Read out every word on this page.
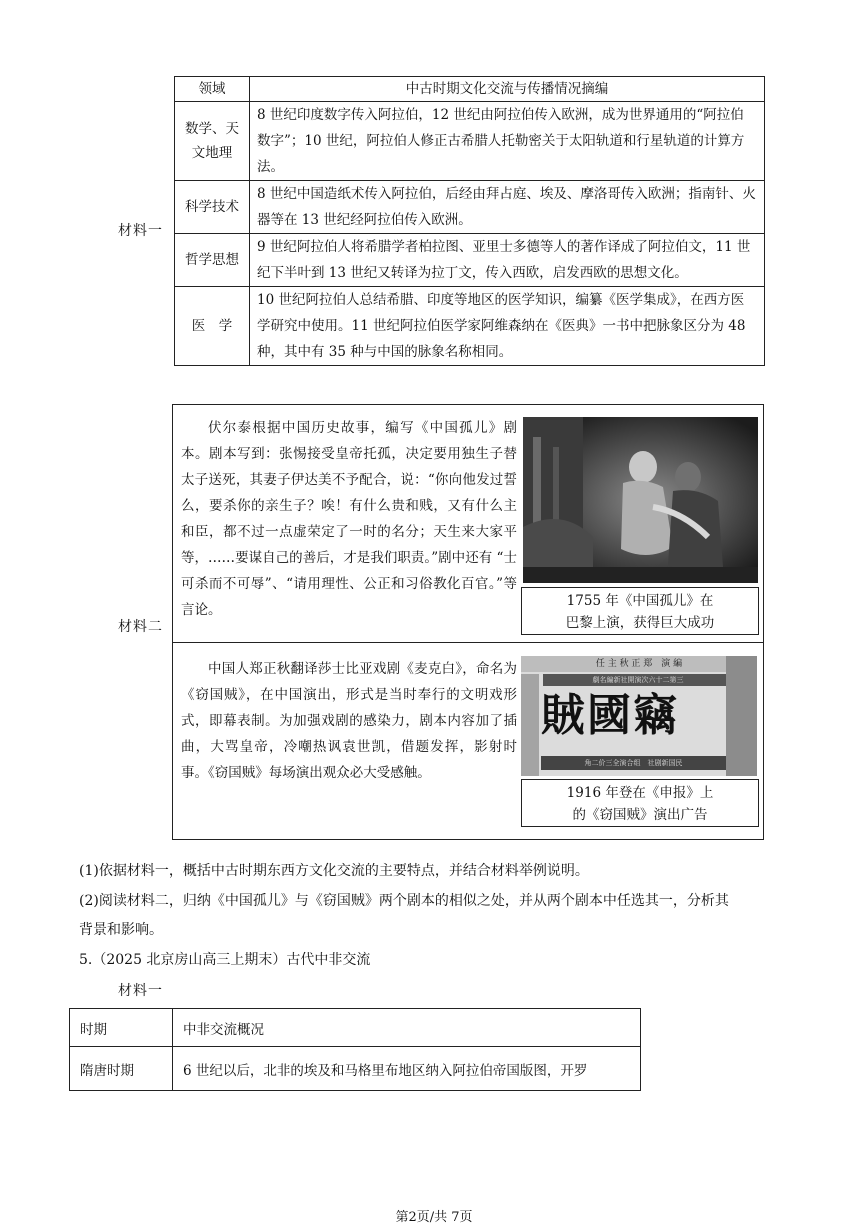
材料一
领域	中古时期文化交流与传播情况摘编
数学、天文地理	8 世纪印度数字传入阿拉伯，12 世纪由阿拉伯传入欧洲，成为世界通用的“阿拉伯数字”；10 世纪，阿拉伯人修正古希腊人托勒密关于太阳轨道和行星轨道的计算方法。
科学技术	8 世纪中国造纸术传入阿拉伯，后经由拜占庭、埃及、摩洛哥传入欧洲；指南针、火器等在 13 世纪经阿拉伯传入欧洲。
哲学思想	9 世纪阿拉伯人将希腊学者柏拉图、亚里士多德等人的著作译成了阿拉伯文，11 世纪下半叶到 13 世纪又转译为拉丁文，传入西欧，启发西欧的思想文化。
医　学	10 世纪阿拉伯人总结希腊、印度等地区的医学知识，编纂《医学集成》，在西方医学研究中使用。11 世纪阿拉伯医学家阿维森纳在《医典》一书中把脉象区分为 48 种，其中有 35 种与中国的脉象名称相同。
材料二
伏尔泰根据中国历史故事，编写《中国孤儿》剧本。剧本写到：张惕接受皇帝托孤，决定要用独生子替太子送死，其妻子伊达美不予配合，说：“你向他发过誓么，要杀你的亲生子？唉！有什么贵和贱，又有什么主和臣，都不过一点虚荣定了一时的名分；天生来大家平等，……要谋自己的善后，才是我们职责。”剧中还有 “士可杀而不可辱”、“请用理性、公正和习俗教化百官。”等言论。
1755 年《中国孤儿》在
巴黎上演，获得巨大成功
中国人郑正秋翻译莎士比亚戏剧《麦克白》，命名为《窃国贼》，在中国演出，形式是当时奉行的文明戏形式，即幕表制。为加强戏剧的感染力，剧本内容加了插曲，大骂皇帝，冷嘲热讽袁世凯，借题发挥，影射时事。《窃国贼》每场演出观众必大受感触。
任 主 秋 正 郑　演 編
劇名編新社開演次六十二第三
賊國竊
角二价三全演合组　社剧新国民
1916 年登在《申报》上
的《窃国贼》演出广告
(1)依据材料一，概括中古时期东西方文化交流的主要特点，并结合材料举例说明。
(2)阅读材料二，归纳《中国孤儿》与《窃国贼》两个剧本的相似之处，并从两个剧本中任选其一，分析其
背景和影响。
5.（2025 北京房山高三上期末）古代中非交流
材料一
时期	中非交流概况
隋唐时期	6 世纪以后，北非的埃及和马格里布地区纳入阿拉伯帝国版图，开罗
第2页/共 7页
